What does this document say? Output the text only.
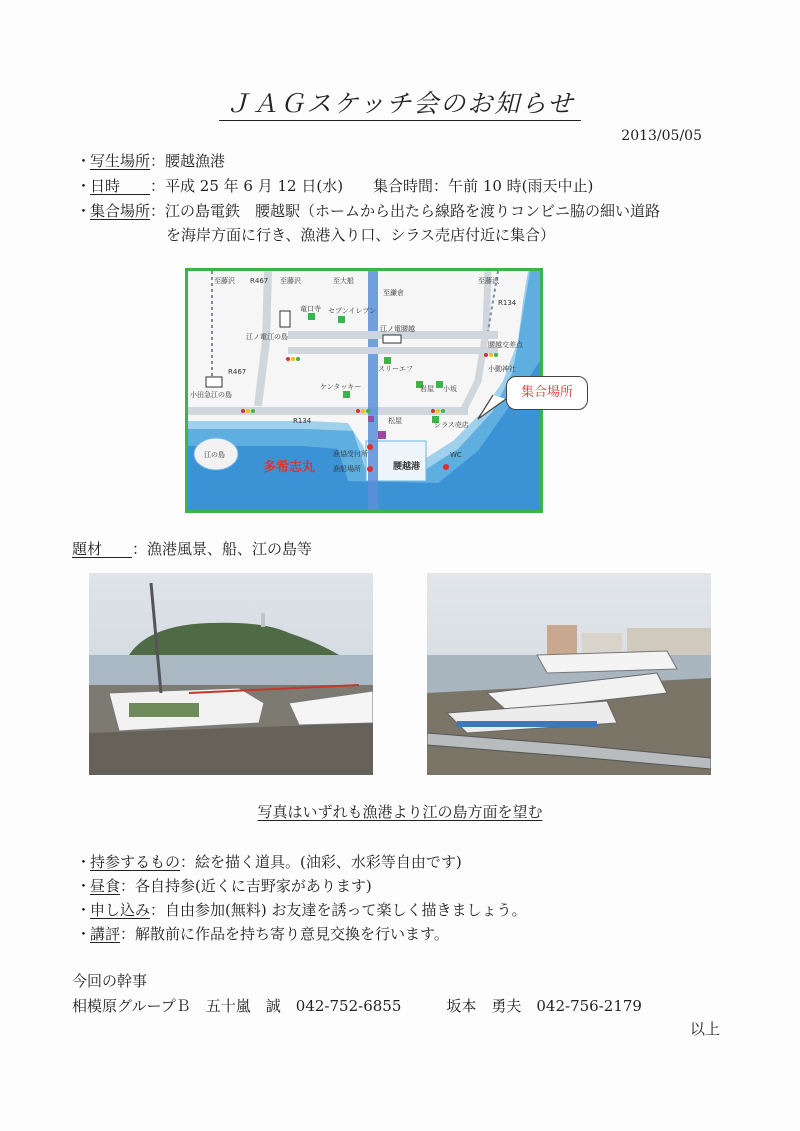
ＪＡＧスケッチ会のお知らせ
2013/05/05
・写生場所：腰越漁港
・日時　　：平成 25 年 6 月 12 日(水)　　集合時間：午前 10 時(雨天中止)
・集合場所：江の島電鉄　腰越駅（ホームから出たら線路を渡りコンビニ脇の細い道路
を海岸方面に行き、漁港入り口、シラス売店付近に集合）
至藤沢	至藤沢	至大船	至藤沢
至鎌倉
R467
R467
R134
R134
竜口寺 セブンイレブン
江ノ電江の島
江ノ電腰越
小田急江の島
ケンタッキー
スリーエフ
岩屋 小坂
松屋	シラス売店
江の島	WC
漁協受付所
漁船場所
小動神社
腰越交差点
多希志丸	腰越港
集合場所
題材　　：漁港風景、船、江の島等
写真はいずれも漁港より江の島方面を望む
・持参するもの：絵を描く道具。(油彩、水彩等自由です)
・昼食：各自持参(近くに吉野家があります)
・申し込み：自由参加(無料) お友達を誘って楽しく描きましょう。
・講評：解散前に作品を持ち寄り意見交換を行います。
今回の幹事
相模原グループＢ　五十嵐　誠　042-752-6855　　　坂本　勇夫　042-756-2179
以上
